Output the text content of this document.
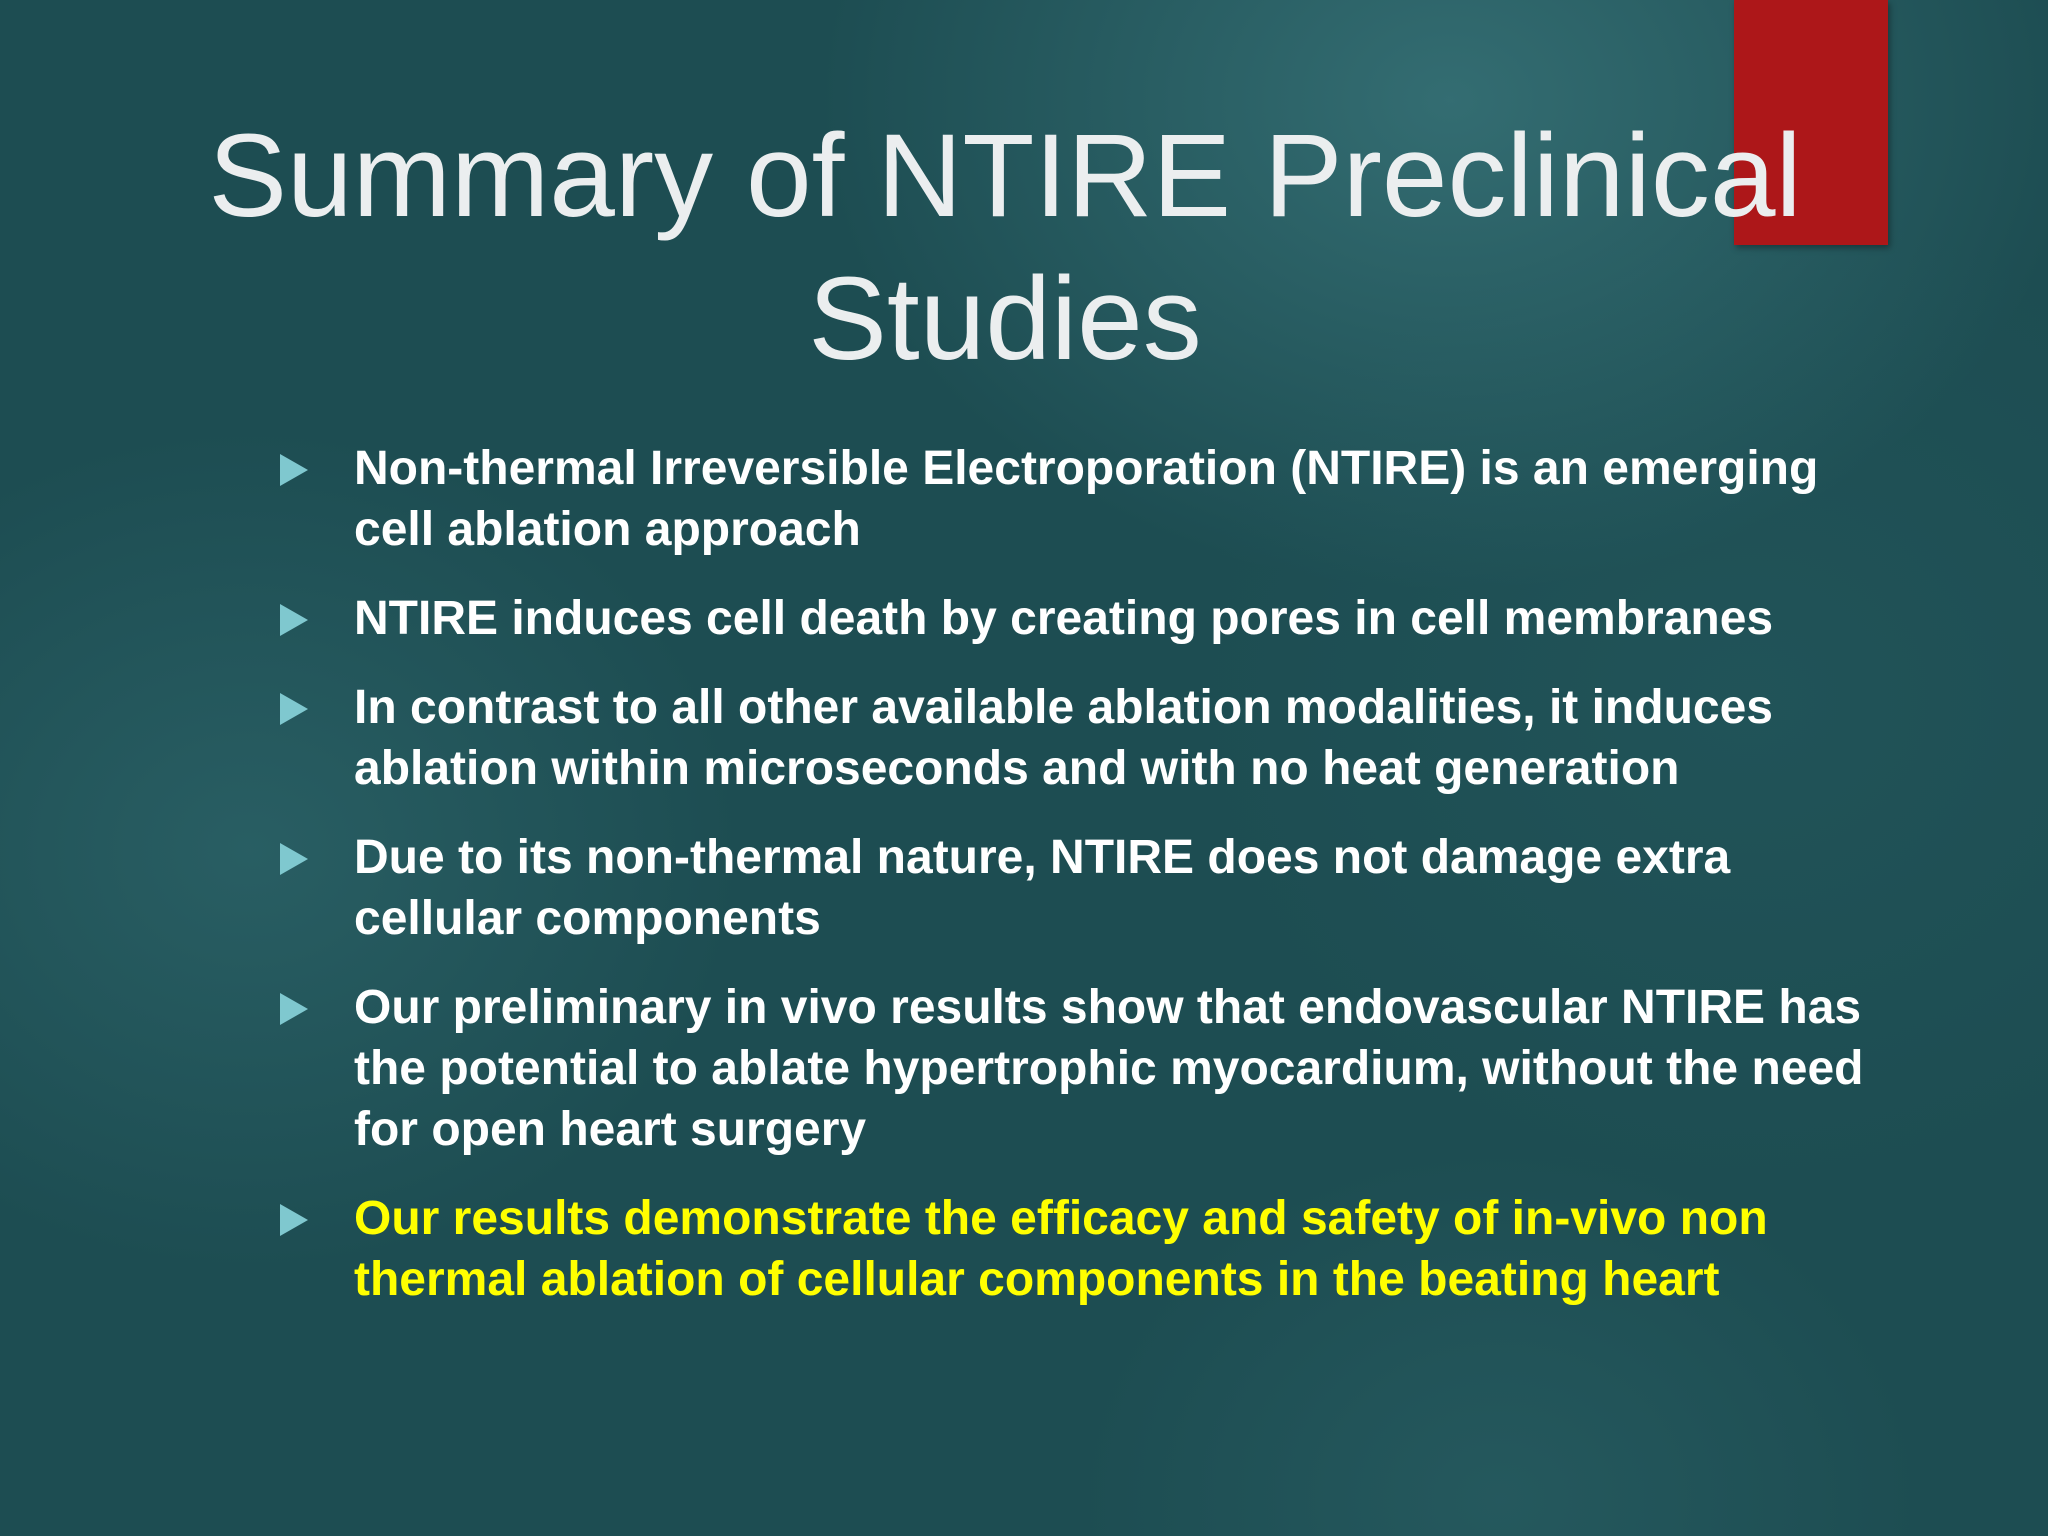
Summary of NTIRE Preclinical
Studies
Non-thermal Irreversible Electroporation (NTIRE) is an emerging cell ablation approach
NTIRE induces cell death by creating pores in cell membranes
In contrast to all other available ablation modalities, it induces ablation within microseconds and with no heat generation
Due to its non-thermal nature, NTIRE does not damage extra cellular components
Our preliminary in vivo results show that endovascular NTIRE has the potential to ablate hypertrophic myocardium, without the need for open heart surgery
Our results demonstrate the efficacy and safety of in-vivo non thermal ablation of cellular components in the beating heart
